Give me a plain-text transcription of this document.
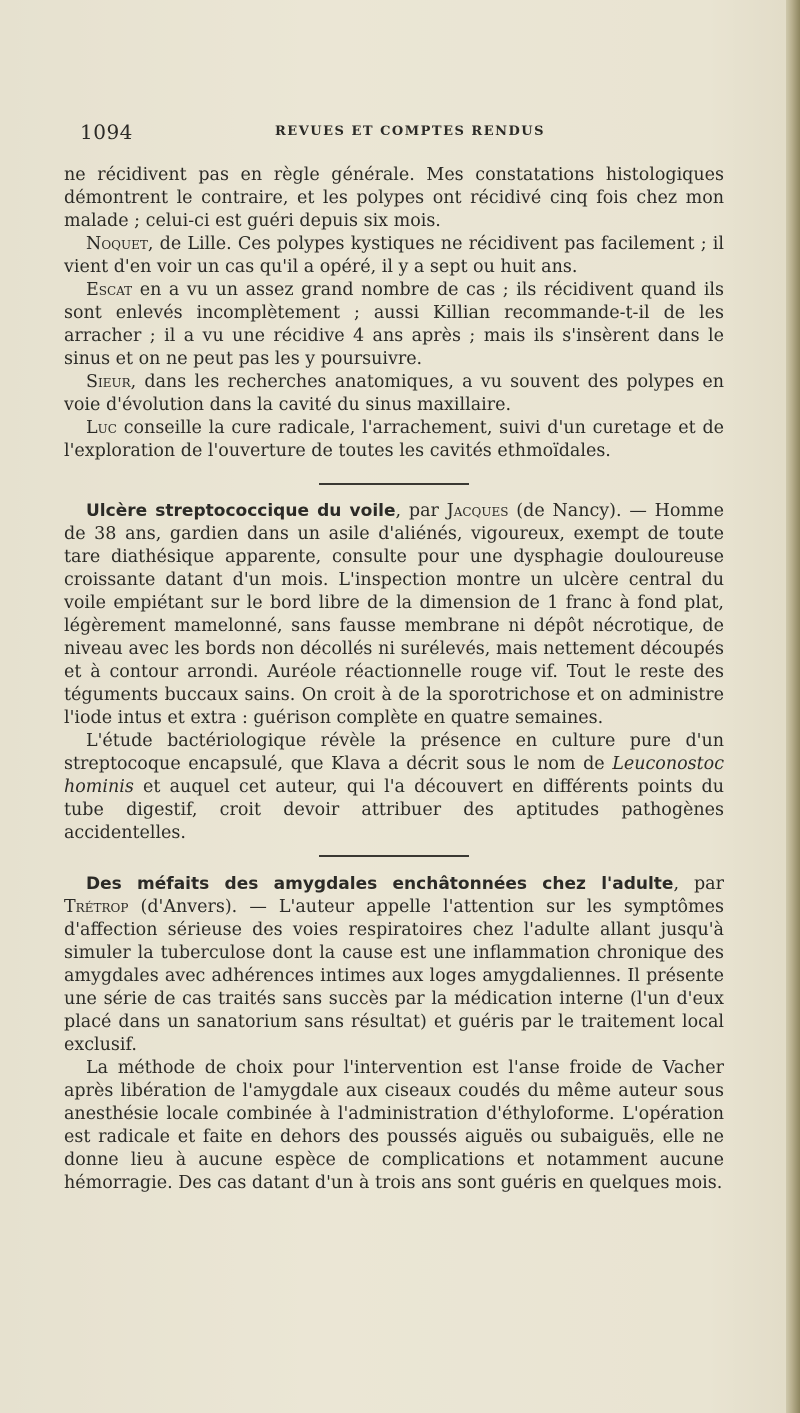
1094	REVUES ET COMPTES RENDUS

ne récidivent pas en règle générale. Mes constatations histologiques démontrent le contraire, et les polypes ont récidivé cinq fois chez mon malade ; celui-ci est guéri depuis six mois.

Noquet, de Lille. Ces polypes kystiques ne récidivent pas facilement ; il vient d'en voir un cas qu'il a opéré, il y a sept ou huit ans.

Escat en a vu un assez grand nombre de cas ; ils récidivent quand ils sont enlevés incomplètement ; aussi Killian recommande-t-il de les arracher ; il a vu une récidive 4 ans après ; mais ils s'insèrent dans le sinus et on ne peut pas les y poursuivre.

Sieur, dans les recherches anatomiques, a vu souvent des polypes en voie d'évolution dans la cavité du sinus maxillaire.

Luc conseille la cure radicale, l'arrachement, suivi d'un curetage et de l'exploration de l'ouverture de toutes les cavités ethmoïdales.

Ulcère streptococcique du voile, par Jacques (de Nancy). — Homme de 38 ans, gardien dans un asile d'aliénés, vigoureux, exempt de toute tare diathésique apparente, consulte pour une dysphagie douloureuse croissante datant d'un mois. L'inspection montre un ulcère central du voile empiétant sur le bord libre de la dimension de 1 franc à fond plat, légèrement mamelonné, sans fausse membrane ni dépôt nécrotique, de niveau avec les bords non décollés ni surélevés, mais nettement découpés et à contour arrondi. Auréole réactionnelle rouge vif. Tout le reste des téguments buccaux sains. On croit à de la sporotrichose et on administre l'iode intus et extra : guérison complète en quatre semaines.

L'étude bactériologique révèle la présence en culture pure d'un streptocoque encapsulé, que Klava a décrit sous le nom de Leuconostoc hominis et auquel cet auteur, qui l'a découvert en différents points du tube digestif, croit devoir attribuer des aptitudes pathogènes accidentelles.

Des méfaits des amygdales enchâtonnées chez l'adulte, par Trétrop (d'Anvers). — L'auteur appelle l'attention sur les symptômes d'affection sérieuse des voies respiratoires chez l'adulte allant jusqu'à simuler la tuberculose dont la cause est une inflammation chronique des amygdales avec adhérences intimes aux loges amygdaliennes. Il présente une série de cas traités sans succès par la médication interne (l'un d'eux placé dans un sanatorium sans résultat) et guéris par le traitement local exclusif.

La méthode de choix pour l'intervention est l'anse froide de Vacher après libération de l'amygdale aux ciseaux coudés du même auteur sous anesthésie locale combinée à l'administration d'éthyloforme. L'opération est radicale et faite en dehors des poussés aiguës ou subaiguës, elle ne donne lieu à aucune espèce de complications et notamment aucune hémorragie. Des cas datant d'un à trois ans sont guéris en quelques mois.
